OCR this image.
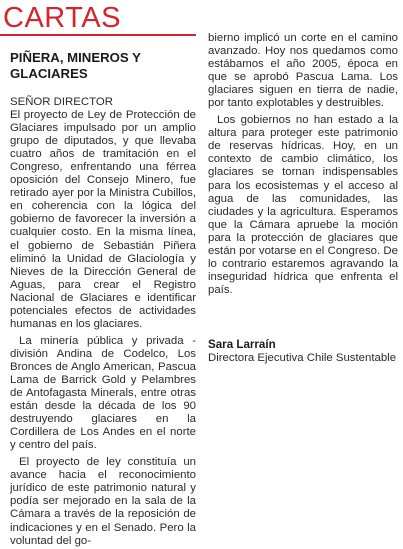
CARTAS
PIÑERA, MINEROS Y GLACIARES

SEÑOR DIRECTOR

El proyecto de Ley de Protección de Glaciares impulsado por un amplio grupo de diputados, y que llevaba cuatro años de tramitación en el Congreso, enfrentando una férrea oposición del Consejo Minero, fue retirado ayer por la Ministra Cubillos, en coherencia con la lógica del gobierno de favorecer la inversión a cualquier costo. En la misma línea, el gobierno de Sebastián Piñera eliminó la Unidad de Glaciología y Nieves de la Dirección General de Aguas, para crear el Registro Nacional de Glaciares e identificar potenciales efectos de actividades humanas en los glaciares.

La minería pública y privada - división Andina de Codelco, Los Bronces de Anglo American, Pascua Lama de Barrick Gold y Pelambres de Antofagasta Minerals, entre otras están desde la década de los 90 destruyendo glaciares en la Cordillera de Los Andes en el norte y centro del país.

El proyecto de ley constituía un avance hacia el reconocimiento jurídico de este patrimonio natural y podía ser mejorado en la sala de la Cámara a través de la reposición de indicaciones y en el Senado. Pero la voluntad del go-

bierno implicó un corte en el camino avanzado. Hoy nos quedamos como estábamos el año 2005, época en que se aprobó Pascua Lama. Los glaciares siguen en tierra de nadie, por tanto explotables y destruibles.

Los gobiernos no han estado a la altura para proteger este patrimonio de reservas hídricas. Hoy, en un contexto de cambio climático, los glaciares se tornan indispensables para los ecosistemas y el acceso al agua de las comunidades, las ciudades y la agricultura. Esperamos que la Cámara apruebe la moción para la protección de glaciares que están por votarse en el Congreso. De lo contrario estaremos agravando la inseguridad hídrica que enfrenta el país.

Sara Larraín

Directora Ejecutiva Chile Sustentable
